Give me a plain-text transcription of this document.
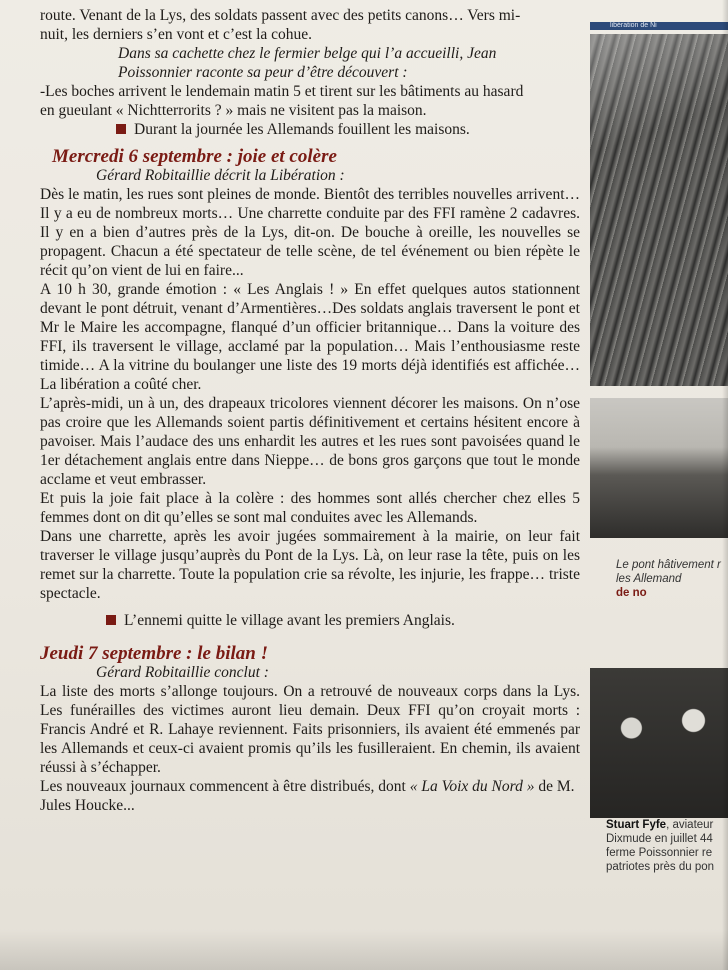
route. Venant de la Lys, des soldats passent avec des petits canons… Vers mi-

nuit, les derniers s’en vont et c’est la cohue.

Dans sa cachette chez le fermier belge qui l’a accueilli, Jean

Poissonnier raconte sa peur d’être découvert :

-Les boches arrivent le lendemain matin 5 et tirent sur les bâtiments au hasard

en gueulant « Nichtterrorits ? » mais ne visitent pas la maison.

Durant la journée les Allemands fouillent les maisons.

Mercredi 6 septembre : joie et colère

Gérard Robitaillie décrit la Libération :

Dès le matin, les rues sont pleines de monde. Bientôt des terribles nouvelles arrivent… Il y a eu de nombreux morts… Une charrette conduite par des FFI ramène 2 cadavres. Il y en a bien d’autres près de la Lys, dit-on. De bouche à oreille, les nouvelles se propagent. Chacun a été spectateur de telle scène, de tel événement ou bien répète le récit qu’on vient de lui en faire...

A 10 h 30, grande émotion : « Les Anglais ! » En effet quelques autos stationnent devant le pont détruit, venant d’Armentières…Des soldats anglais traversent le pont et Mr le Maire les accompagne, flanqué d’un officier britannique… Dans la voiture des FFI, ils traversent le village, acclamé par la population… Mais l’enthousiasme reste timide… A la vitrine du boulanger une liste des 19 morts déjà identifiés est affichée… La libération a coûté cher.

L’après-midi, un à un, des drapeaux tricolores viennent décorer les maisons. On n’ose pas croire que les Allemands soient partis définitivement et certains hésitent encore à pavoiser. Mais l’audace des uns enhardit les autres et les rues sont pavoisées quand le 1er détachement anglais entre dans Nieppe… de bons gros garçons que tout le monde acclame et veut embrasser.

Et puis la joie fait place à la colère : des hommes sont allés chercher chez elles 5 femmes dont on dit qu’elles se sont mal conduites avec les Allemands.

Dans une charrette, après les avoir jugées sommairement à la mairie, on leur fait traverser le village jusqu’auprès du Pont de la Lys. Là, on leur rase la tête, puis on les remet sur la charrette. Toute la population crie sa révolte, les injurie, les frappe… triste spectacle.

L’ennemi quitte le village avant les premiers Anglais.

Jeudi 7 septembre : le bilan !

Gérard Robitaillie conclut :

La liste des morts s’allonge toujours. On a retrouvé de nouveaux corps dans la Lys. Les funérailles des victimes auront lieu demain. Deux FFI qu’on croyait morts : Francis André et R. Lahaye reviennent. Faits prisonniers, ils avaient été emmenés par les Allemands et ceux-ci avaient promis qu’ils les fusilleraient. En chemin, ils avaient réussi à s’échapper.

Les nouveaux journaux commencent à être distribués, dont « La Voix du Nord » de M. Jules Houcke...

libération de Ni
Le pont hâtivement r
les Allemand
de no
Stuart Fyfe, aviateur
Dixmude en juillet 44
ferme Poissonnier re
patriotes près du pon
